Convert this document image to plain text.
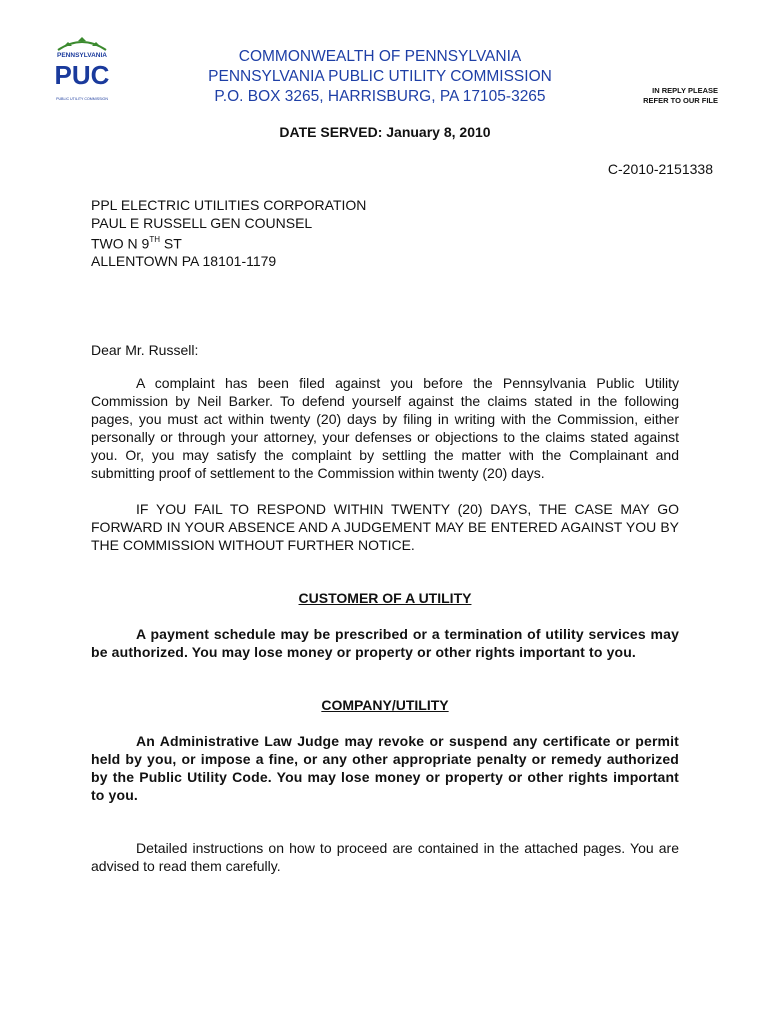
PENNSYLVANIA
PUC
PUBLIC UTILITY COMMISSION
COMMONWEALTH OF PENNSYLVANIA
PENNSYLVANIA PUBLIC UTILITY COMMISSION
P.O. BOX 3265, HARRISBURG, PA 17105-3265	IN REPLY PLEASE
REFER TO OUR FILE
DATE SERVED: January 8, 2010
C-2010-2151338
PPL ELECTRIC UTILITIES CORPORATION
PAUL E RUSSELL GEN COUNSEL
TWO N 9TH ST
ALLENTOWN PA 18101-1179
Dear Mr. Russell:
A complaint has been filed against you before the Pennsylvania Public Utility Commission by Neil Barker. To defend yourself against the claims stated in the following pages, you must act within twenty (20) days by filing in writing with the Commission, either personally or through your attorney, your defenses or objections to the claims stated against you. Or, you may satisfy the complaint by settling the matter with the Complainant and submitting proof of settlement to the Commission within twenty (20) days.
IF YOU FAIL TO RESPOND WITHIN TWENTY (20) DAYS, THE CASE MAY GO FORWARD IN YOUR ABSENCE AND A JUDGEMENT MAY BE ENTERED AGAINST YOU BY THE COMMISSION WITHOUT FURTHER NOTICE.
CUSTOMER OF A UTILITY
A payment schedule may be prescribed or a termination of utility services may be authorized. You may lose money or property or other rights important to you.
COMPANY/UTILITY
An Administrative Law Judge may revoke or suspend any certificate or permit held by you, or impose a fine, or any other appropriate penalty or remedy authorized by the Public Utility Code. You may lose money or property or other rights important to you.
Detailed instructions on how to proceed are contained in the attached pages. You are advised to read them carefully.
